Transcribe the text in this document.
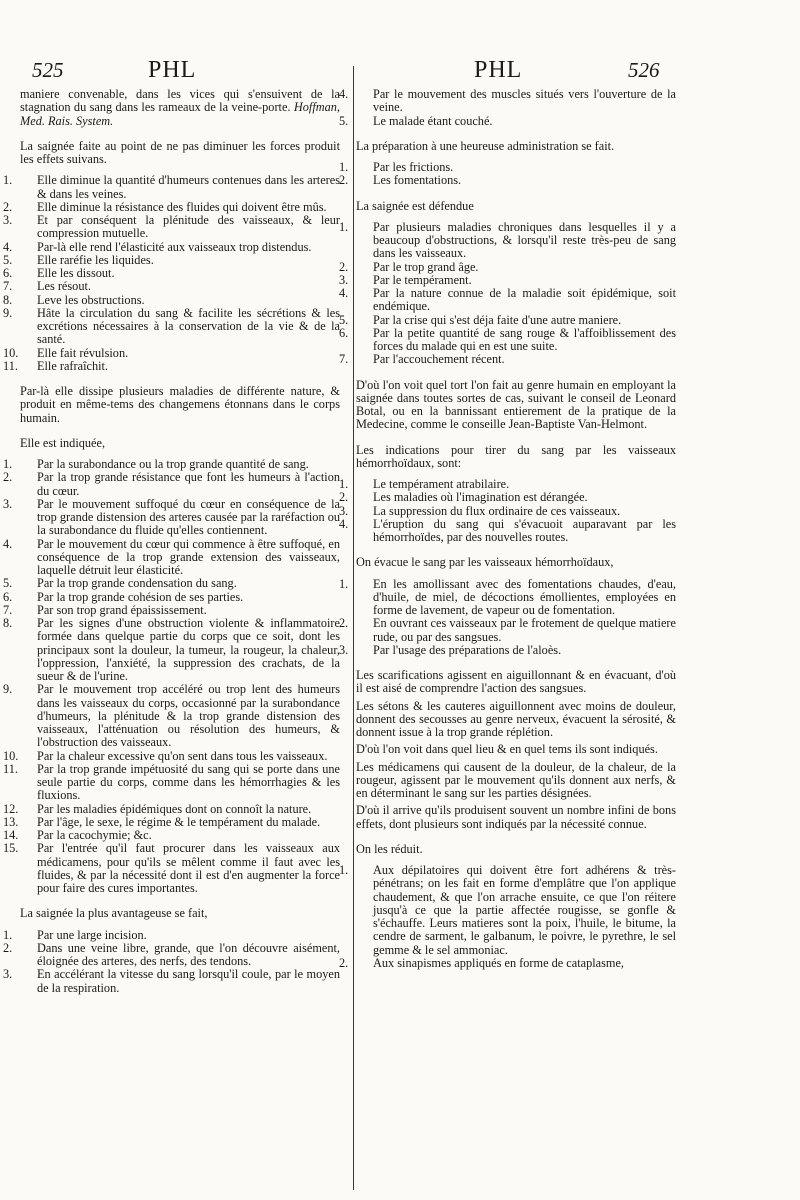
525	PHL	PHL	526

maniere convenable, dans les vices qui s'ensuivent de la stagnation du sang dans les rameaux de la veine-porte. Hoffman, Med. Rais. System.

La saignée faite au point de ne pas diminuer les forces produit les effets suivans.

1. Elle diminue la quantité d'humeurs contenues dans les arteres & dans les veines.
2. Elle diminue la résistance des fluides qui doivent être mûs.
3. Et par conséquent la plénitude des vaisseaux, & leur compression mutuelle.
4. Par-là elle rend l'élasticité aux vaisseaux trop distendus.
5. Elle raréfie les liquides.
6. Elle les dissout.
7. Les résout.
8. Leve les obstructions.
9. Hâte la circulation du sang & facilite les sécrétions & les excrétions nécessaires à la conservation de la vie & de la santé.
10. Elle fait révulsion.
11. Elle rafraîchit.

Par-là elle dissipe plusieurs maladies de différente nature, & produit en même-tems des changemens étonnans dans le corps humain.

Elle est indiquée,

1. Par la surabondance ou la trop grande quantité de sang.
2. Par la trop grande résistance que font les humeurs à l'action du cœur.
3. Par le mouvement suffoqué du cœur en conséquence de la trop grande distension des arteres causée par la raréfaction ou la surabondance du fluide qu'elles contiennent.
4. Par le mouvement du cœur qui commence à être suffoqué, en conséquence de la trop grande extension des vaisseaux, laquelle détruit leur élasticité.
5. Par la trop grande condensation du sang.
6. Par la trop grande cohésion de ses parties.
7. Par son trop grand épaississement.
8. Par les signes d'une obstruction violente & inflammatoire formée dans quelque partie du corps que ce soit, dont les principaux sont la douleur, la tumeur, la rougeur, la chaleur, l'oppression, l'anxiété, la suppression des crachats, de la sueur & de l'urine.
9. Par le mouvement trop accéléré ou trop lent des humeurs dans les vaisseaux du corps, occasionné par la surabondance d'humeurs, la plénitude & la trop grande distension des vaisseaux, l'atténuation ou résolution des humeurs, & l'obstruction des vaisseaux.
10. Par la chaleur excessive qu'on sent dans tous les vaisseaux.
11. Par la trop grande impétuosité du sang qui se porte dans une seule partie du corps, comme dans les hémorrhagies & les fluxions.
12. Par les maladies épidémiques dont on connoît la nature.
13. Par l'âge, le sexe, le régime & le tempérament du malade.
14. Par la cacochymie; &c.
15. Par l'entrée qu'il faut procurer dans les vaisseaux aux médicamens, pour qu'ils se mêlent comme il faut avec les fluides, & par la nécessité dont il est d'en augmenter la force pour faire des cures importantes.

La saignée la plus avantageuse se fait,

1. Par une large incision.
2. Dans une veine libre, grande, que l'on découvre aisément, éloignée des arteres, des nerfs, des tendons.
3. En accélérant la vitesse du sang lorsqu'il coule, par le moyen de la respiration.
4. Par le mouvement des muscles situés vers l'ouverture de la veine.
5. Le malade étant couché.

La préparation à une heureuse administration se fait.

1. Par les frictions.
2. Les fomentations.

La saignée est défendue

1. Par plusieurs maladies chroniques dans lesquelles il y a beaucoup d'obstructions, & lorsqu'il reste très-peu de sang dans les vaisseaux.
2. Par le trop grand âge.
3. Par le tempérament.
4. Par la nature connue de la maladie soit épidémique, soit endémique.
5. Par la crise qui s'est déja faite d'une autre maniere.
6. Par la petite quantité de sang rouge & l'affoiblissement des forces du malade qui en est une suite.
7. Par l'accouchement récent.

D'où l'on voit quel tort l'on fait au genre humain en employant la saignée dans toutes sortes de cas, suivant le conseil de Leonard Botal, ou en la bannissant entierement de la pratique de la Medecine, comme le conseille Jean-Baptiste Van-Helmont.

Les indications pour tirer du sang par les vaisseaux hémorrhoïdaux, sont:

1. Le tempérament atrabilaire.
2. Les maladies où l'imagination est dérangée.
3. La suppression du flux ordinaire de ces vaisseaux.
4. L'éruption du sang qui s'évacuoit auparavant par les hémorrhoïdes, par des nouvelles routes.

On évacue le sang par les vaisseaux hémorrhoïdaux,

1. En les amollissant avec des fomentations chaudes, d'eau, d'huile, de miel, de décoctions émollientes, employées en forme de lavement, de vapeur ou de fomentation.
2. En ouvrant ces vaisseaux par le frotement de quelque matiere rude, ou par des sangsues.
3. Par l'usage des préparations de l'aloès.

Les scarifications agissent en aiguillonnant & en évacuant, d'où il est aisé de comprendre l'action des sangsues.

Les sétons & les cauteres aiguillonnent avec moins de douleur, donnent des secousses au genre nerveux, évacuent la sérosité, & donnent issue à la trop grande réplétion.

D'où l'on voit dans quel lieu & en quel tems ils sont indiqués.

Les médicamens qui causent de la douleur, de la chaleur, de la rougeur, agissent par le mouvement qu'ils donnent aux nerfs, & en déterminant le sang sur les parties désignées.

D'où il arrive qu'ils produisent souvent un nombre infini de bons effets, dont plusieurs sont indiqués par la nécessité connue.

On les réduit.

1. Aux dépilatoires qui doivent être fort adhérens & très-pénétrans; on les fait en forme d'emplâtre que l'on applique chaudement, & que l'on arrache ensuite, ce que l'on réitere jusqu'à ce que la partie affectée rougisse, se gonfle & s'échauffe. Leurs matieres sont la poix, l'huile, le bitume, la cendre de sarment, le galbanum, le poivre, le pyrethre, le sel gemme & le sel ammoniac.
2. Aux sinapismes appliqués en forme de cataplasme,
